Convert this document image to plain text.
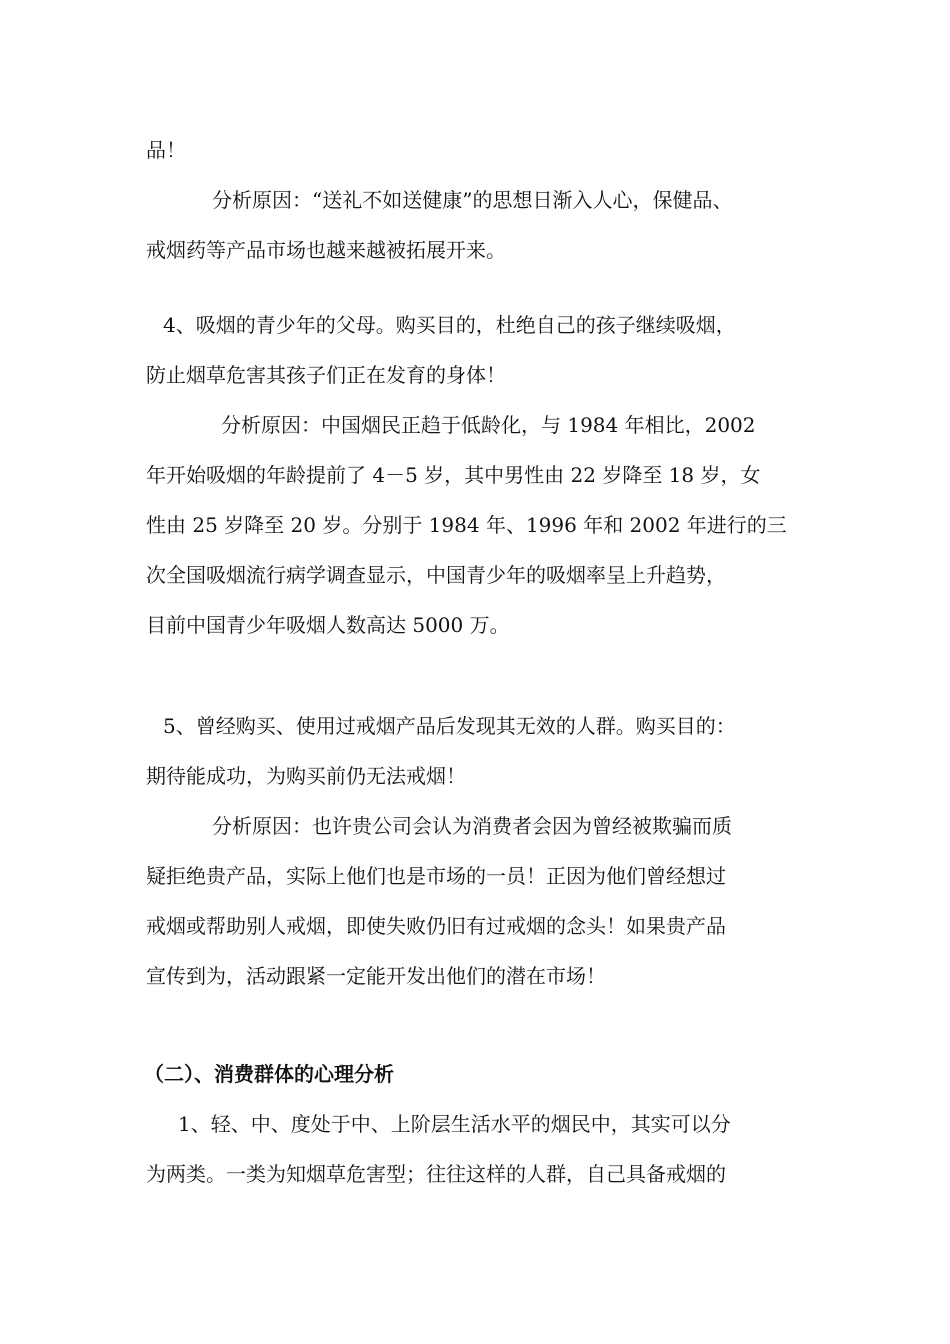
品！
分析原因：“送礼不如送健康”的思想日渐入人心，保健品、
戒烟药等产品市场也越来越被拓展开来。
4、吸烟的青少年的父母。购买目的，杜绝自己的孩子继续吸烟，
防止烟草危害其孩子们正在发育的身体！
分析原因：中国烟民正趋于低龄化，与 1984 年相比，2002
年开始吸烟的年龄提前了 4－5 岁，其中男性由 22 岁降至 18 岁，女
性由 25 岁降至 20 岁。分别于 1984 年、1996 年和 2002 年进行的三
次全国吸烟流行病学调查显示，中国青少年的吸烟率呈上升趋势，
目前中国青少年吸烟人数高达 5000 万。
5、曾经购买、使用过戒烟产品后发现其无效的人群。购买目的：
期待能成功，为购买前仍无法戒烟！
分析原因：也许贵公司会认为消费者会因为曾经被欺骗而质
疑拒绝贵产品，实际上他们也是市场的一员！正因为他们曾经想过
戒烟或帮助别人戒烟，即使失败仍旧有过戒烟的念头！如果贵产品
宣传到为，活动跟紧一定能开发出他们的潜在市场！
（二）、消费群体的心理分析
1、轻、中、度处于中、上阶层生活水平的烟民中，其实可以分
为两类。一类为知烟草危害型；往往这样的人群，自己具备戒烟的
